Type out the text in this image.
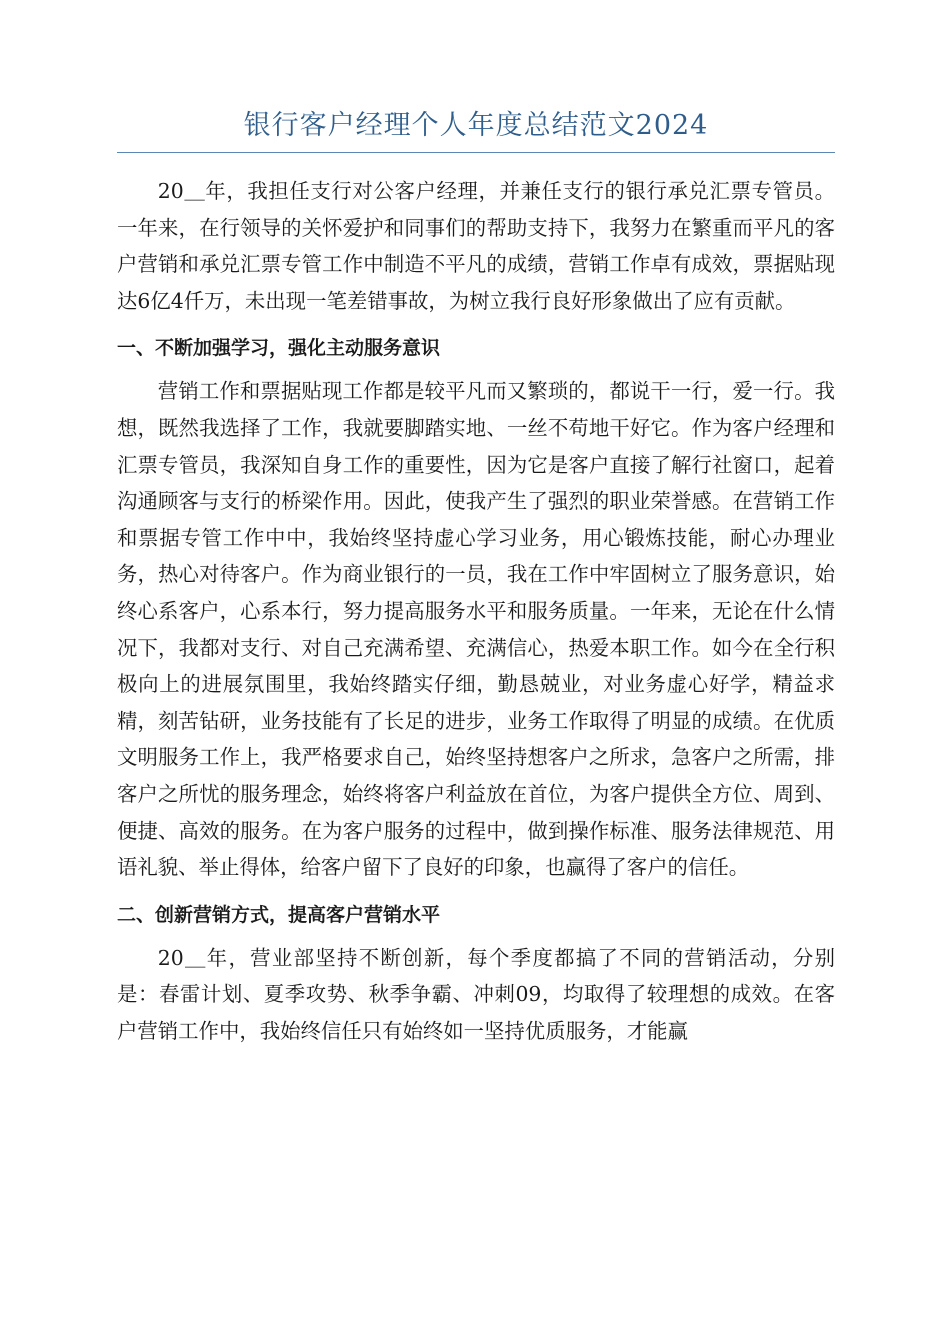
银行客户经理个人年度总结范文2024

20＿年，我担任支行对公客户经理，并兼任支行的银行承兑汇票专管员。一年来，在行领导的关怀爱护和同事们的帮助支持下，我努力在繁重而平凡的客户营销和承兑汇票专管工作中制造不平凡的成绩，营销工作卓有成效，票据贴现达6亿4仟万，未出现一笔差错事故，为树立我行良好形象做出了应有贡献。

一、不断加强学习，强化主动服务意识

营销工作和票据贴现工作都是较平凡而又繁琐的，都说干一行，爱一行。我想，既然我选择了工作，我就要脚踏实地、一丝不苟地干好它。作为客户经理和汇票专管员，我深知自身工作的重要性，因为它是客户直接了解行社窗口，起着沟通顾客与支行的桥梁作用。因此，使我产生了强烈的职业荣誉感。在营销工作和票据专管工作中中，我始终坚持虚心学习业务，用心锻炼技能，耐心办理业务，热心对待客户。作为商业银行的一员，我在工作中牢固树立了服务意识，始终心系客户，心系本行，努力提高服务水平和服务质量。一年来，无论在什么情况下，我都对支行、对自己充满希望、充满信心，热爱本职工作。如今在全行积极向上的进展氛围里，我始终踏实仔细，勤恳兢业，对业务虚心好学，精益求精，刻苦钻研，业务技能有了长足的进步，业务工作取得了明显的成绩。在优质文明服务工作上，我严格要求自己，始终坚持想客户之所求，急客户之所需，排客户之所忧的服务理念，始终将客户利益放在首位，为客户提供全方位、周到、便捷、高效的服务。在为客户服务的过程中，做到操作标准、服务法律规范、用语礼貌、举止得体，给客户留下了良好的印象，也赢得了客户的信任。

二、创新营销方式，提高客户营销水平

20＿年，营业部坚持不断创新，每个季度都搞了不同的营销活动，分别是：春雷计划、夏季攻势、秋季争霸、冲刺09，均取得了较理想的成效。在客户营销工作中，我始终信任只有始终如一坚持优质服务，才能赢
